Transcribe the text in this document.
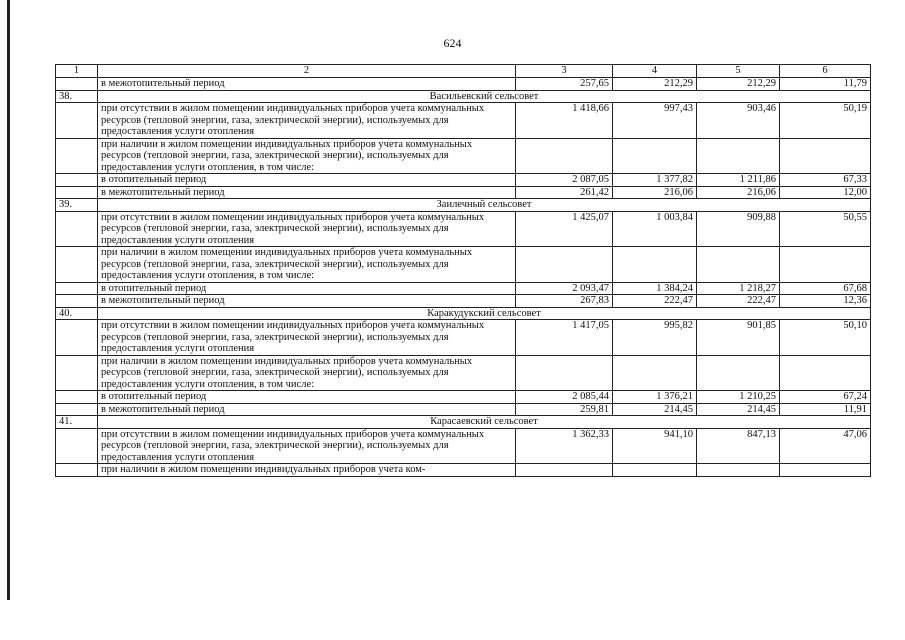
624
1	2	3	4	5	6
	в межотопительный период	257,65	212,29	212,29	11,79
38.	Васильевский сельсовет				
	при отсутствии в жилом помещении индивидуальных приборов учета коммунальных ресурсов (тепловой энергии, газа, электрической энергии), используемых для предоставления услуги отопления	1 418,66	997,43	903,46	50,19
	при наличии в жилом помещении индивидуальных приборов учета коммунальных ресурсов (тепловой энергии, газа, электрической энергии), используемых для предоставления услуги отопления, в том числе:				
	в отопительный период	2 087,05	1 377,82	1 211,86	67,33
	в межотопительный период	261,42	216,06	216,06	12,00
39.	Заилечный сельсовет				
	при отсутствии в жилом помещении индивидуальных приборов учета коммунальных ресурсов (тепловой энергии, газа, электрической энергии), используемых для предоставления услуги отопления	1 425,07	1 003,84	909,88	50,55
	при наличии в жилом помещении индивидуальных приборов учета коммунальных ресурсов (тепловой энергии, газа, электрической энергии), используемых для предоставления услуги отопления, в том числе:				
	в отопительный период	2 093,47	1 384,24	1 218,27	67,68
	в межотопительный период	267,83	222,47	222,47	12,36
40.	Каракудукский сельсовет				
	при отсутствии в жилом помещении индивидуальных приборов учета коммунальных ресурсов (тепловой энергии, газа, электрической энергии), используемых для предоставления услуги отопления	1 417,05	995,82	901,85	50,10
	при наличии в жилом помещении индивидуальных приборов учета коммунальных ресурсов (тепловой энергии, газа, электрической энергии), используемых для предоставления услуги отопления, в том числе:				
	в отопительный период	2 085,44	1 376,21	1 210,25	67,24
	в межотопительный период	259,81	214,45	214,45	11,91
41.	Карасаевский сельсовет				
	при отсутствии в жилом помещении индивидуальных приборов учета коммунальных ресурсов (тепловой энергии, газа, электрической энергии), используемых для предоставления услуги отопления	1 362,33	941,10	847,13	47,06
	при наличии в жилом помещении индивидуальных приборов учета ком-				
